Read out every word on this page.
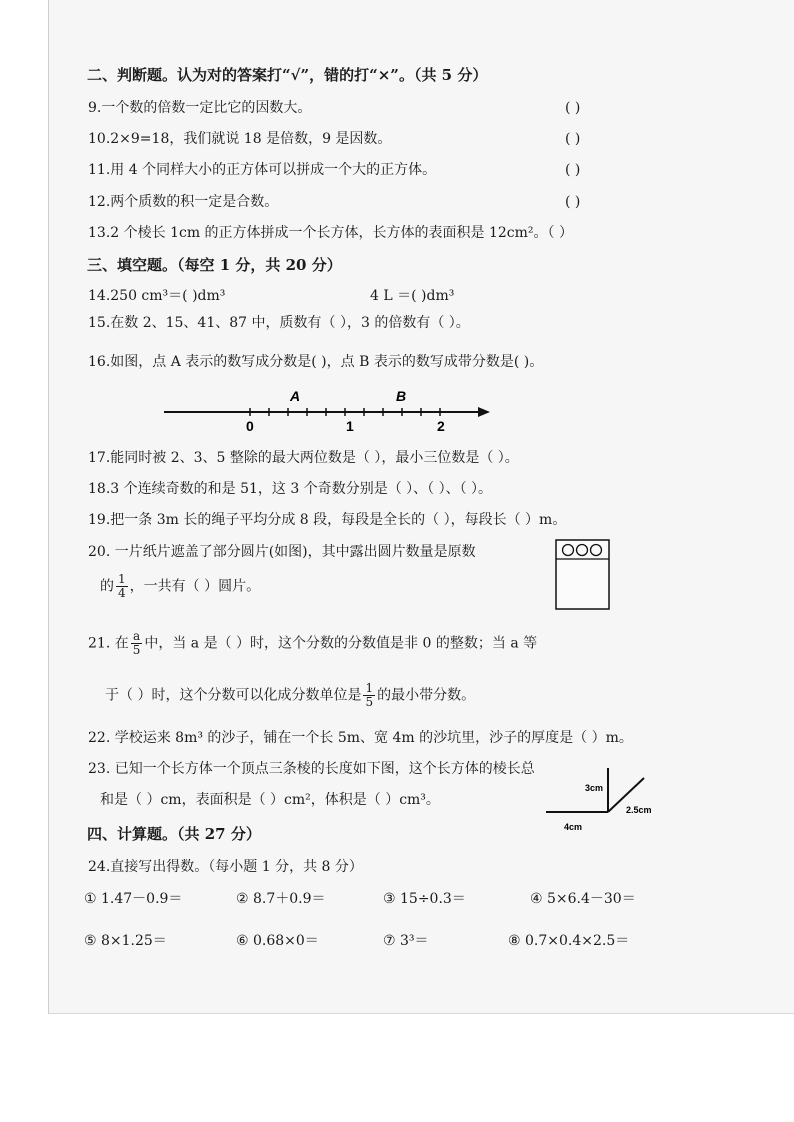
二、判断题。认为对的答案打“√”，错的打“×”。（共 5 分）
9.一个数的倍数一定比它的因数大。	( )
10.2×9=18，我们就说 18 是倍数，9 是因数。	( )
11.用 4 个同样大小的正方体可以拼成一个大的正方体。	( )
12.两个质数的积一定是合数。	( )
13.2 个棱长 1cm 的正方体拼成一个长方体，长方体的表面积是 12cm²。（ ）
三、填空题。（每空 1 分，共 20 分）
14.250 cm³＝( )dm³	4 L ＝( )dm³
15.在数 2、15、41、87 中，质数有（ ），3 的倍数有（ ）。
16.如图，点 A 表示的数写成分数是( )，点 B 表示的数写成带分数是( )。
0	1	2
A	B
17.能同时被 2、3、5 整除的最大两位数是（ ），最小三位数是（ ）。
18.3 个连续奇数的和是 51，这 3 个奇数分别是（ ）、（ ）、（ ）。
19.把一条 3m 长的绳子平均分成 8 段，每段是全长的（ ），每段长（ ）m。
20. 一片纸片遮盖了部分圆片(如图)，其中露出圆片数量是原数
的 $\frac{1}{4}$ ，一共有（ ）圆片。
21. 在 $\frac{a}{5}$ 中，当 a 是（ ）时，这个分数的分数值是非 0 的整数；当 a 等
于（ ）时，这个分数可以化成分数单位是 $\frac{1}{5}$ 的最小带分数。
22. 学校运来 8m³ 的沙子，铺在一个长 5m、宽 4m 的沙坑里，沙子的厚度是（ ）m。
23. 已知一个长方体一个顶点三条棱的长度如下图，这个长方体的棱长总
和是（ ）cm，表面积是（ ）cm²，体积是（ ）cm³。
3cm
2.5cm
4cm
四、计算题。（共 27 分）
24.直接写出得数。（每小题 1 分，共 8 分）
① 1.47－0.9＝	② 8.7＋0.9＝	③ 15÷0.3＝	④ 5×6.4－30＝
⑤ 8×1.25＝	⑥ 0.68×0＝	⑦ 3³＝	⑧ 0.7×0.4×2.5＝
